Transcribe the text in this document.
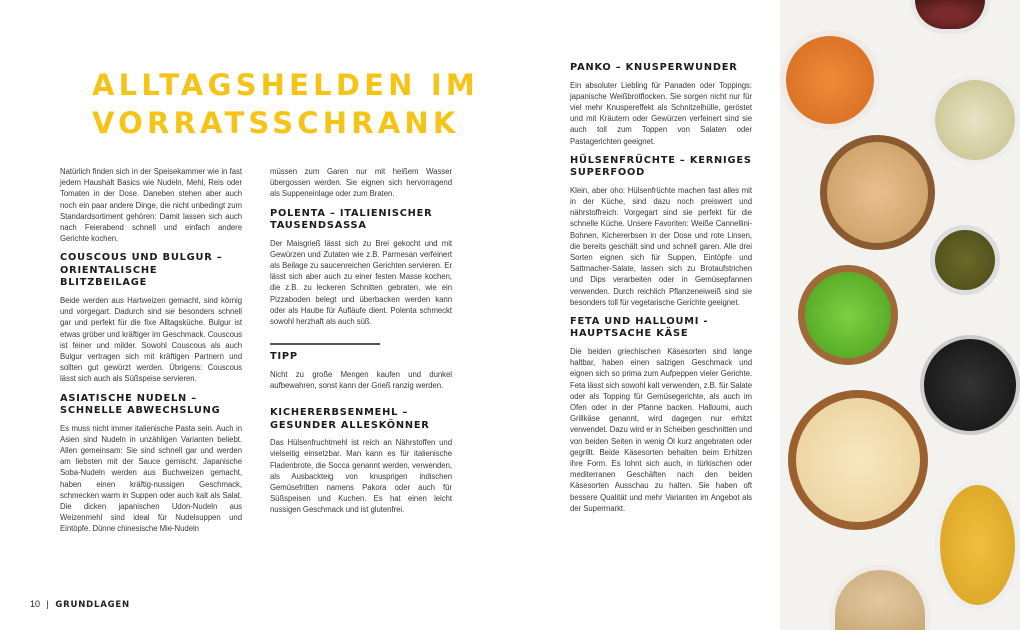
ALLTAGSHELDEN IM
VORRATSSCHRANK

Natürlich finden sich in der Speisekammer wie in fast jedem Haushalt Basics wie Nudeln, Mehl, Reis oder Tomaten in der Dose. Daneben stehen aber auch noch ein paar andere Dinge, die nicht unbedingt zum Standardsortiment gehören: Damit lassen sich auch nach Feierabend schnell und einfach andere Gerichte kochen.

COUSCOUS UND BULGUR – ORIENTALISCHE BLITZBEILAGE

Beide werden aus Hartweizen gemacht, sind körnig und vorgegart. Dadurch sind sie besonders schnell gar und perfekt für die fixe Alltagsküche. Bulgur ist etwas gröber und kräftiger im Geschmack. Couscous ist feiner und milder. Sowohl Couscous als auch Bulgur vertragen sich mit kräftigen Partnern und sollten gut gewürzt werden. Übrigens: Couscous lässt sich auch als Süßspeise servieren.

ASIATISCHE NUDELN – SCHNELLE ABWECHSLUNG

Es muss nicht immer italienische Pasta sein. Auch in Asien sind Nudeln in unzähligen Varianten beliebt. Allen gemeinsam: Sie sind schnell gar und werden am liebsten mit der Sauce gemischt. Japanische Soba-Nudeln werden aus Buchweizen gemacht, haben einen kräftig-nussigen Geschmack, schmecken warm in Suppen oder auch kalt als Salat. Die dicken japanischen Udon-Nudeln aus Weizenmehl sind ideal für Nudelsuppen und Eintöpfe. Dünne chinesische Mie-Nudeln

müssen zum Garen nur mit heißem Wasser übergossen werden. Sie eignen sich hervorragend als Suppeneinlage oder zum Braten.

POLENTA – ITALIENISCHER TAUSENDSASSA

Der Maisgrieß lässt sich zu Brei gekocht und mit Gewürzen und Zutaten wie z.B. Parmesan verfeinert als Beilage zu saucenreichen Gerichten servieren. Er lässt sich aber auch zu einer festen Masse kochen, die z.B. zu leckeren Schnitten gebraten, wie ein Pizzaboden belegt und überbacken werden kann oder als Haube für Aufläufe dient. Polenta schmeckt sowohl herzhaft als auch süß.

TIPP

Nicht zu große Mengen kaufen und dunkel aufbewahren, sonst kann der Grieß ranzig werden.

KICHERERBSENMEHL – GESUNDER ALLESKÖNNER

Das Hülsenfruchtmehl ist reich an Nährstoffen und vielseitig einsetzbar. Man kann es für italienische Fladenbrote, die Socca genannt werden, verwenden, als Ausbackteig von knusprigen indischen Gemüsefritten namens Pakora oder auch für Süßspeisen und Kuchen. Es hat einen leicht nussigen Geschmack und ist glutenfrei.

PANKO – KNUSPERWUNDER

Ein absoluter Liebling für Panaden oder Toppings: japanische Weißbrotflocken. Sie sorgen nicht nur für viel mehr Knuspereffekt als Schnitzelhülle, geröstet und mit Kräutern oder Gewürzen verfeinert sind sie auch toll zum Toppen von Salaten oder Pastagerichten geeignet.

HÜLSENFRÜCHTE – KERNIGES SUPERFOOD

Klein, aber oho: Hülsenfrüchte machen fast alles mit in der Küche, sind dazu noch preiswert und nährstoffreich. Vorgegart sind sie perfekt für die schnelle Küche. Unsere Favoriten: Weiße Cannellini-Bohnen, Kichererbsen in der Dose und rote Linsen, die bereits geschält sind und schnell garen. Alle drei Sorten eignen sich für Suppen, Eintöpfe und Sattmacher-Salate, lassen sich zu Brotaufstrichen und Dips verarbeiten oder in Gemüsepfannen verwenden. Durch reichlich Pflanzeneiweiß sind sie besonders toll für vegetarische Gerichte geeignet.

FETA UND HALLOUMI - HAUPTSACHE KÄSE

Die beiden griechischen Käsesorten sind lange haltbar, haben einen salzigen Geschmack und eignen sich so prima zum Aufpeppen vieler Gerichte. Feta lässt sich sowohl kalt verwenden, z.B. für Salate oder als Topping für Gemüsegerichte, als auch im Ofen oder in der Pfanne backen. Halloumi, auch Grillkäse genannt, wird dagegen nur erhitzt verwendet. Dazu wird er in Scheiben geschnitten und von beiden Seiten in wenig Öl kurz angebraten oder gegrillt. Beide Käsesorten behalten beim Erhitzen ihre Form. Es lohnt sich auch, in türkischen oder mediterranen Geschäften nach den beiden Käsesorten Ausschau zu halten. Sie haben oft bessere Qualität und mehr Varianten im Angebot als der Supermarkt.

10 | GRUNDLAGEN
